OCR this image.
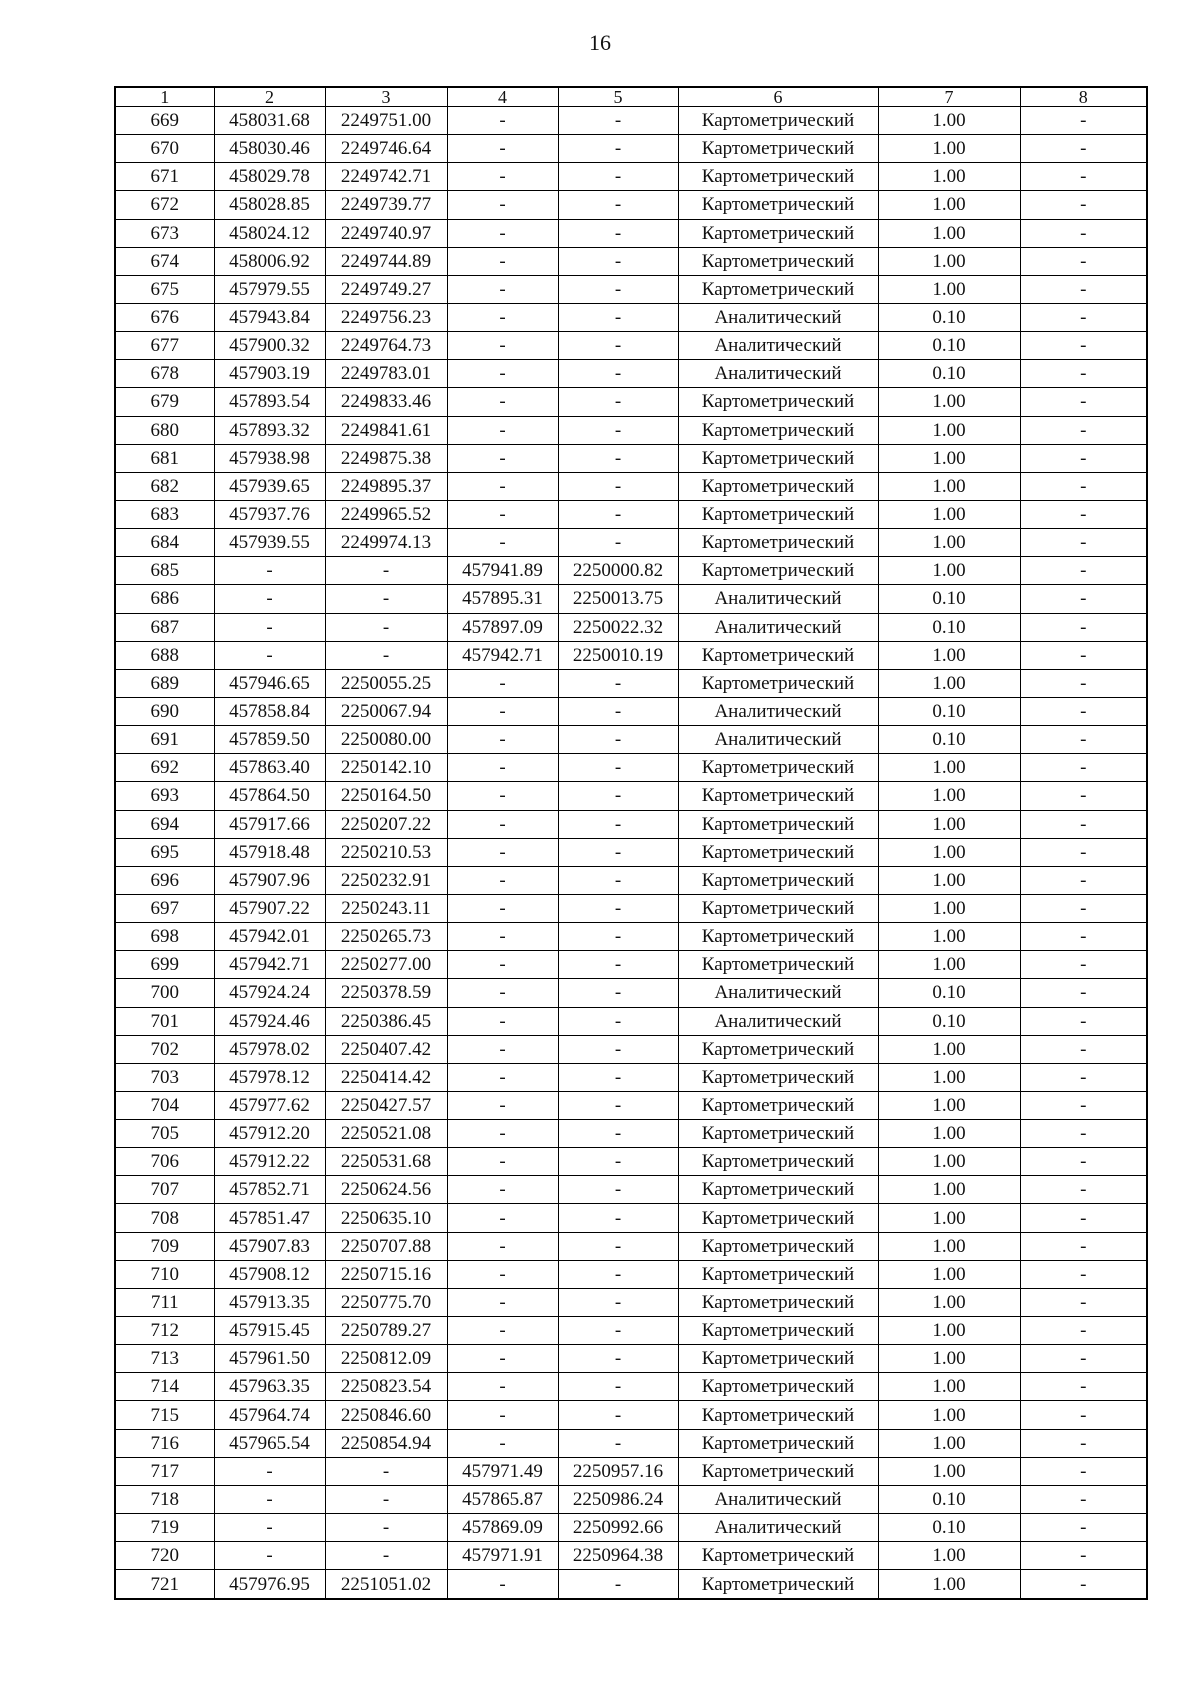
16
1	2	3	4	5	6	7	8
669	458031.68	2249751.00	-	-	Картометрический	1.00	-
670	458030.46	2249746.64	-	-	Картометрический	1.00	-
671	458029.78	2249742.71	-	-	Картометрический	1.00	-
672	458028.85	2249739.77	-	-	Картометрический	1.00	-
673	458024.12	2249740.97	-	-	Картометрический	1.00	-
674	458006.92	2249744.89	-	-	Картометрический	1.00	-
675	457979.55	2249749.27	-	-	Картометрический	1.00	-
676	457943.84	2249756.23	-	-	Аналитический	0.10	-
677	457900.32	2249764.73	-	-	Аналитический	0.10	-
678	457903.19	2249783.01	-	-	Аналитический	0.10	-
679	457893.54	2249833.46	-	-	Картометрический	1.00	-
680	457893.32	2249841.61	-	-	Картометрический	1.00	-
681	457938.98	2249875.38	-	-	Картометрический	1.00	-
682	457939.65	2249895.37	-	-	Картометрический	1.00	-
683	457937.76	2249965.52	-	-	Картометрический	1.00	-
684	457939.55	2249974.13	-	-	Картометрический	1.00	-
685	-	-	457941.89	2250000.82	Картометрический	1.00	-
686	-	-	457895.31	2250013.75	Аналитический	0.10	-
687	-	-	457897.09	2250022.32	Аналитический	0.10	-
688	-	-	457942.71	2250010.19	Картометрический	1.00	-
689	457946.65	2250055.25	-	-	Картометрический	1.00	-
690	457858.84	2250067.94	-	-	Аналитический	0.10	-
691	457859.50	2250080.00	-	-	Аналитический	0.10	-
692	457863.40	2250142.10	-	-	Картометрический	1.00	-
693	457864.50	2250164.50	-	-	Картометрический	1.00	-
694	457917.66	2250207.22	-	-	Картометрический	1.00	-
695	457918.48	2250210.53	-	-	Картометрический	1.00	-
696	457907.96	2250232.91	-	-	Картометрический	1.00	-
697	457907.22	2250243.11	-	-	Картометрический	1.00	-
698	457942.01	2250265.73	-	-	Картометрический	1.00	-
699	457942.71	2250277.00	-	-	Картометрический	1.00	-
700	457924.24	2250378.59	-	-	Аналитический	0.10	-
701	457924.46	2250386.45	-	-	Аналитический	0.10	-
702	457978.02	2250407.42	-	-	Картометрический	1.00	-
703	457978.12	2250414.42	-	-	Картометрический	1.00	-
704	457977.62	2250427.57	-	-	Картометрический	1.00	-
705	457912.20	2250521.08	-	-	Картометрический	1.00	-
706	457912.22	2250531.68	-	-	Картометрический	1.00	-
707	457852.71	2250624.56	-	-	Картометрический	1.00	-
708	457851.47	2250635.10	-	-	Картометрический	1.00	-
709	457907.83	2250707.88	-	-	Картометрический	1.00	-
710	457908.12	2250715.16	-	-	Картометрический	1.00	-
711	457913.35	2250775.70	-	-	Картометрический	1.00	-
712	457915.45	2250789.27	-	-	Картометрический	1.00	-
713	457961.50	2250812.09	-	-	Картометрический	1.00	-
714	457963.35	2250823.54	-	-	Картометрический	1.00	-
715	457964.74	2250846.60	-	-	Картометрический	1.00	-
716	457965.54	2250854.94	-	-	Картометрический	1.00	-
717	-	-	457971.49	2250957.16	Картометрический	1.00	-
718	-	-	457865.87	2250986.24	Аналитический	0.10	-
719	-	-	457869.09	2250992.66	Аналитический	0.10	-
720	-	-	457971.91	2250964.38	Картометрический	1.00	-
721	457976.95	2251051.02	-	-	Картометрический	1.00	-
